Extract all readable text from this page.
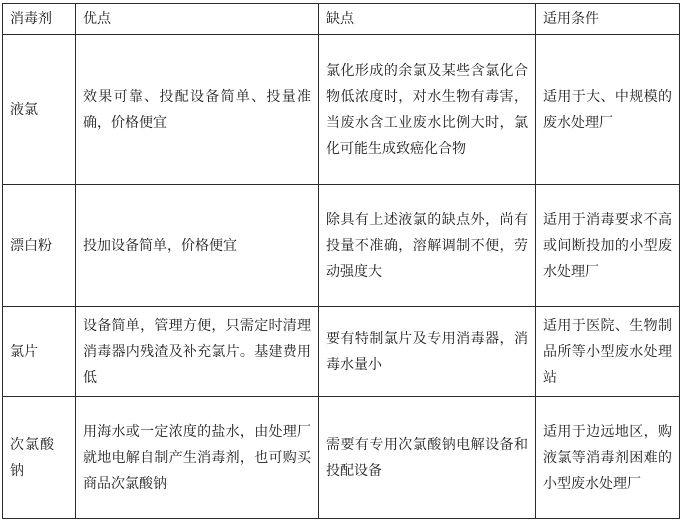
消毒剂	优点	缺点	适用条件
液氯	效果可靠、投配设备简单、投量准确，价格便宜	氯化形成的余氯及某些含氯化合物低浓度时，对水生物有毒害，当废水含工业废水比例大时，氯化可能生成致癌化合物	适用于大、中规模的废水处理厂
漂白粉	投加设备简单，价格便宜	除具有上述液氯的缺点外，尚有投量不准确，溶解调制不便，劳动强度大	适用于消毒要求不高或间断投加的小型废水处理厂
氯片	设备简单，管理方便，只需定时清理消毒器内残渣及补充氯片。基建费用低	要有特制氯片及专用消毒器，消毒水量小	适用于医院、生物制品所等小型废水处理站
次氯酸钠	用海水或一定浓度的盐水，由处理厂就地电解自制产生消毒剂，也可购买商品次氯酸钠	需要有专用次氯酸钠电解设备和投配设备	适用于边远地区，购液氯等消毒剂困难的小型废水处理厂
